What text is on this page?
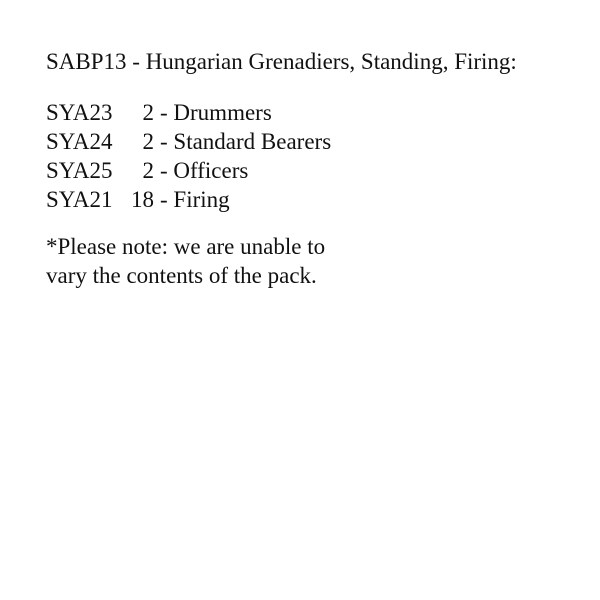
SABP13 - Hungarian Grenadiers, Standing, Firing:

SYA23	2 - Drummers
SYA24	2 - Standard Bearers
SYA25	2 - Officers
SYA21 18 - Firing
*Please note: we are unable to
vary the contents of the pack.
